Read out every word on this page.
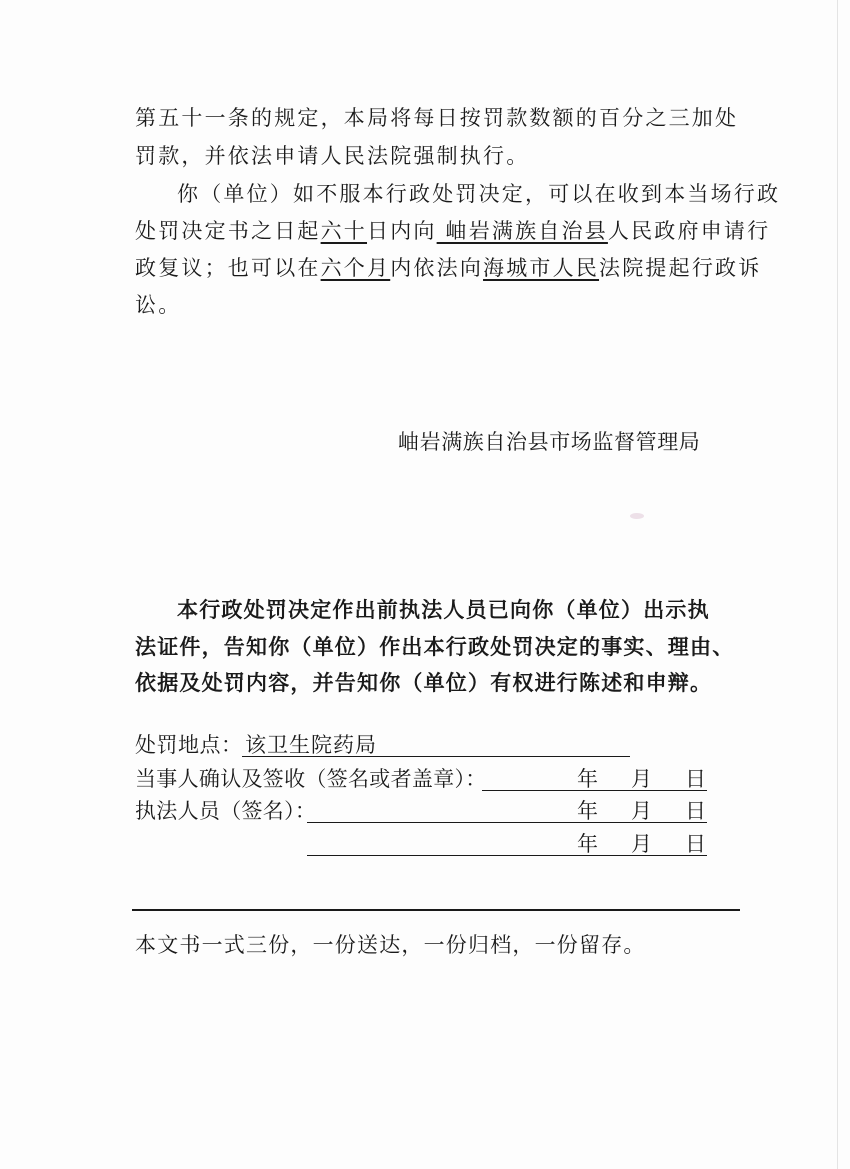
第五十一条的规定，本局将每日按罚款数额的百分之三加处
罚款，并依法申请人民法院强制执行。
你（单位）如不服本行政处罚决定，可以在收到本当场行政
处罚决定书之日起六十日内向 岫岩满族自治县人民政府申请行
政复议；也可以在六个月内依法向海城市人民法院提起行政诉
讼。
岫岩满族自治县市场监督管理局
本行政处罚决定作出前执法人员已向你（单位）出示执
法证件，告知你（单位）作出本行政处罚决定的事实、理由、
依据及处罚内容，并告知你（单位）有权进行陈述和申辩。
处罚地点： 该卫生院药局
当事人确认及签收（签名或者盖章）：	年 月 日
执法人员（签名）：	年 月 日
年 月 日
本文书一式三份，一份送达，一份归档，一份留存。
